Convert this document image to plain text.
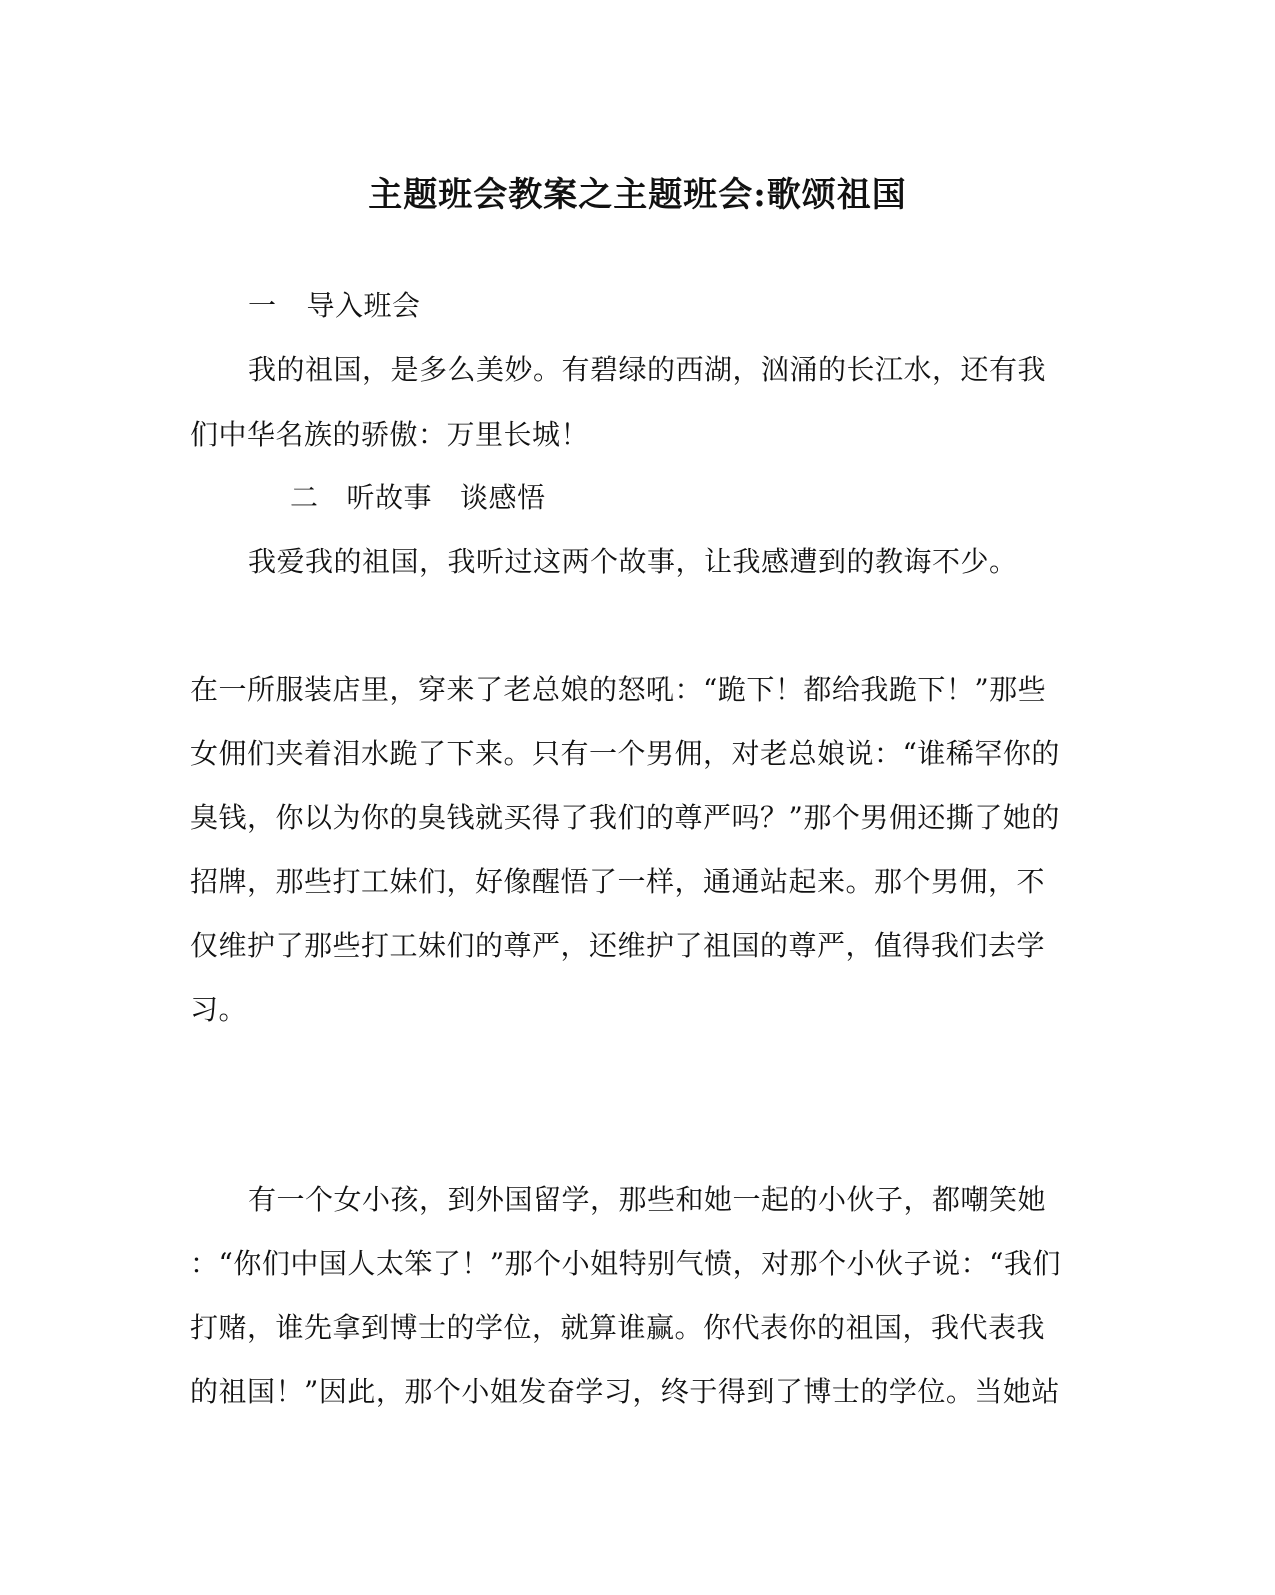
主题班会教案之主题班会:歌颂祖国
一 导入班会
我的祖国，是多么美妙。有碧绿的西湖，汹涌的长江水，还有我
们中华名族的骄傲：万里长城！
二 听故事 谈感悟
我爱我的祖国，我听过这两个故事，让我感遭到的教诲不少。
在一所服装店里，穿来了老总娘的怒吼：“跪下！都给我跪下！”那些
女佣们夹着泪水跪了下来。只有一个男佣，对老总娘说：“谁稀罕你的
臭钱，你以为你的臭钱就买得了我们的尊严吗？”那个男佣还撕了她的
招牌，那些打工妹们，好像醒悟了一样，通通站起来。那个男佣，不
仅维护了那些打工妹们的尊严，还维护了祖国的尊严，值得我们去学
习。
有一个女小孩，到外国留学，那些和她一起的小伙子，都嘲笑她
：“你们中国人太笨了！”那个小姐特别气愤，对那个小伙子说：“我们
打赌，谁先拿到博士的学位，就算谁赢。你代表你的祖国，我代表我
的祖国！”因此，那个小姐发奋学习，终于得到了博士的学位。当她站
